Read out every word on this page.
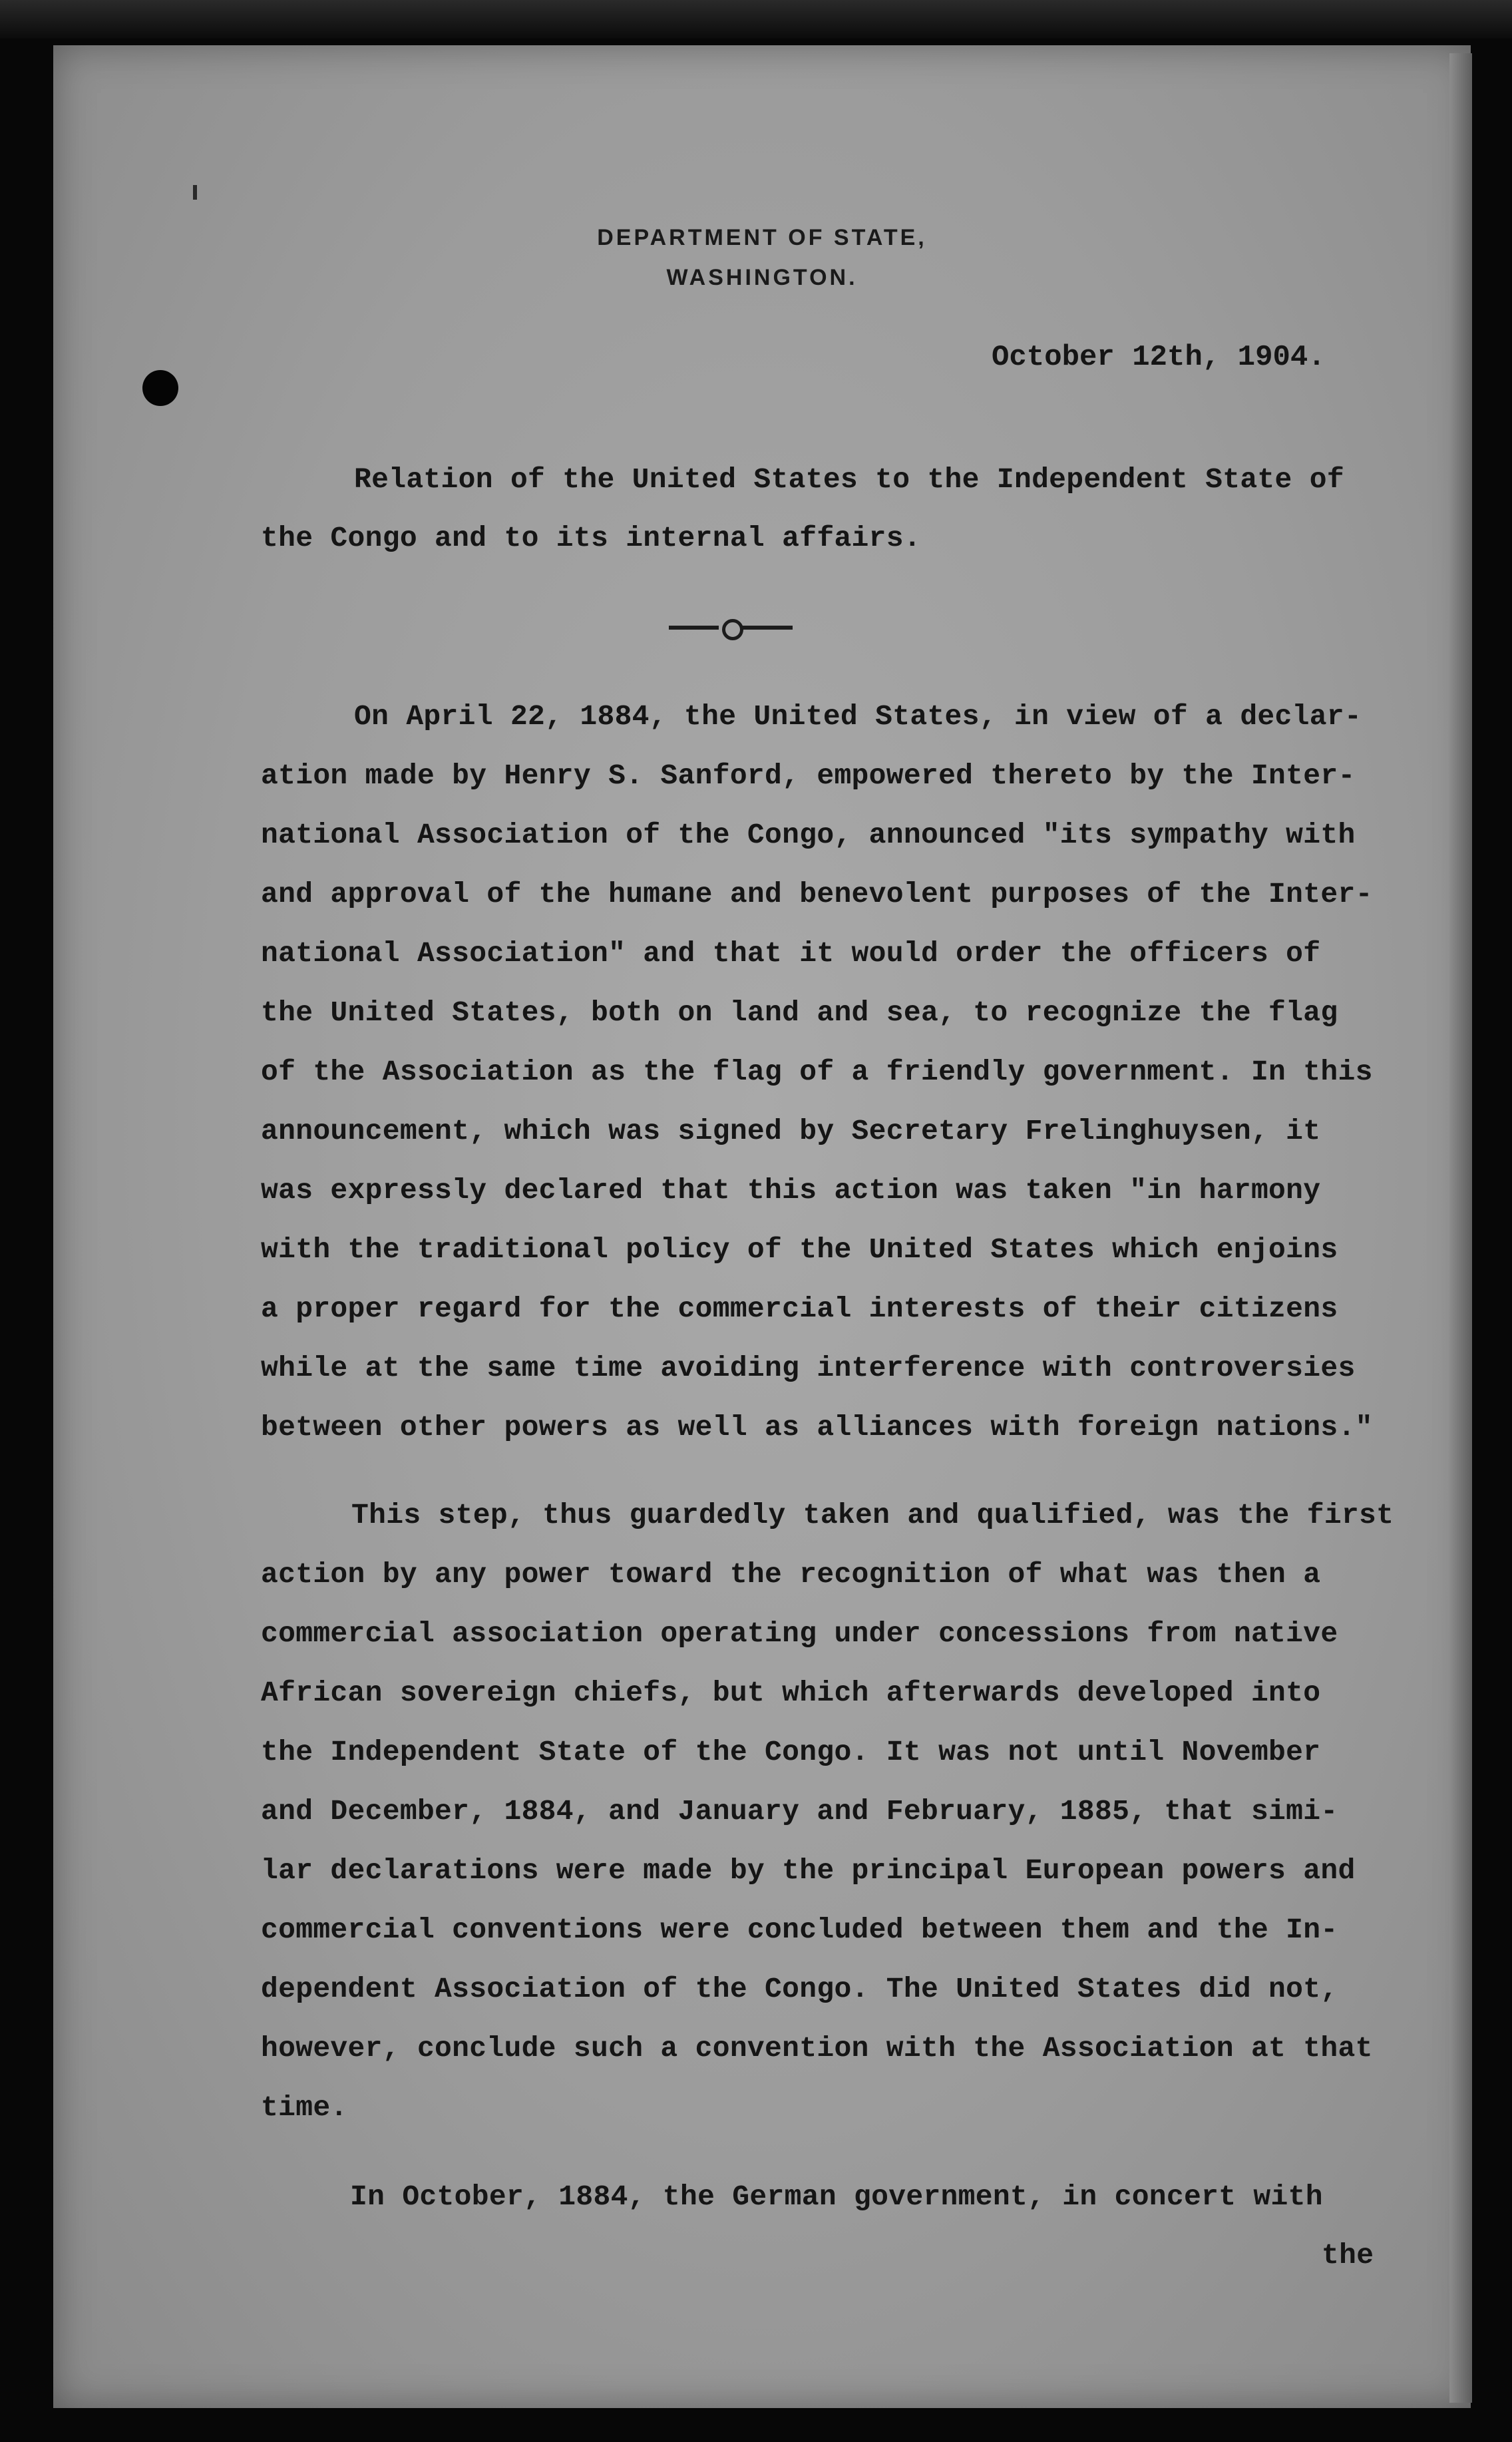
DEPARTMENT OF STATE,
WASHINGTON.
October 12th, 1904.
Relation of the United States to the Independent State of
the Congo and to its internal affairs.
On April 22, 1884, the United States, in view of a declar-
ation made by Henry S. Sanford, empowered thereto by the Inter-
national Association of the Congo, announced "its sympathy with
and approval of the humane and benevolent purposes of the Inter-
national Association" and that it would order the officers of
the United States, both on land and sea, to recognize the flag
of the Association as the flag of a friendly government. In this
announcement, which was signed by Secretary Frelinghuysen, it
was expressly declared that this action was taken "in harmony
with the traditional policy of the United States which enjoins
a proper regard for the commercial interests of their citizens
while at the same time avoiding interference with controversies
between other powers as well as alliances with foreign nations."
This step, thus guardedly taken and qualified, was the first
action by any power toward the recognition of what was then a
commercial association operating under concessions from native
African sovereign chiefs, but which afterwards developed into
the Independent State of the Congo. It was not until November
and December, 1884, and January and February, 1885, that simi-
lar declarations were made by the principal European powers and
commercial conventions were concluded between them and the In-
dependent Association of the Congo. The United States did not,
however, conclude such a convention with the Association at that
time.
In October, 1884, the German government, in concert with
the
